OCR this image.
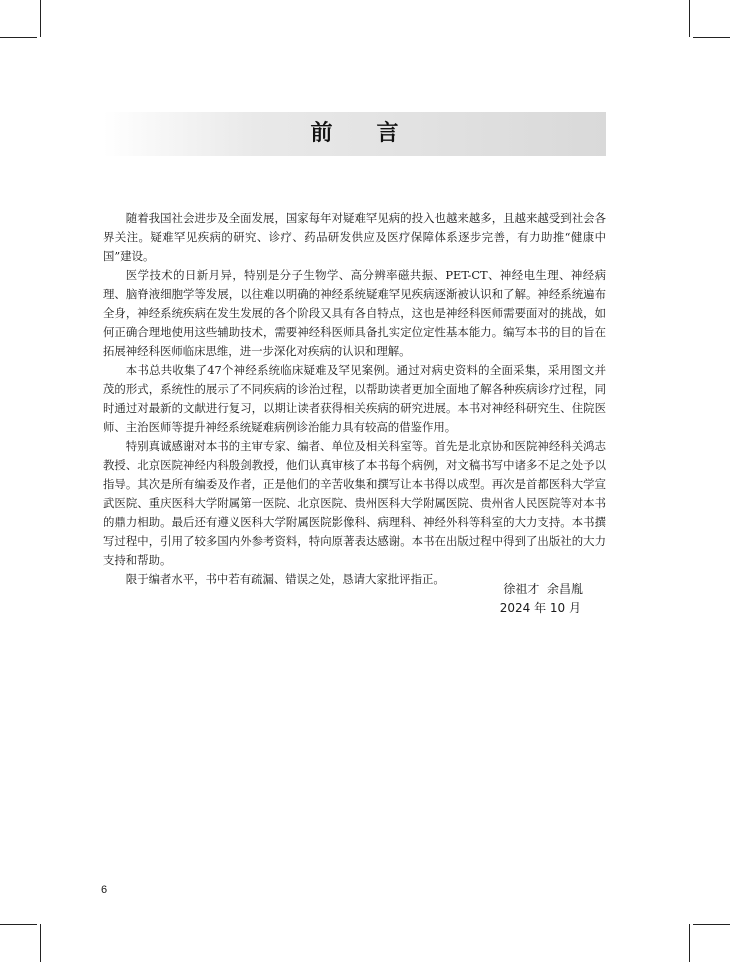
前言

随着我国社会进步及全面发展，国家每年对疑难罕见病的投入也越来越多，且越来越受到社会各界关注。疑难罕见疾病的研究、诊疗、药品研发供应及医疗保障体系逐步完善，有力助推“健康中国”建设。

医学技术的日新月异，特别是分子生物学、高分辨率磁共振、PET-CT、神经电生理、神经病理、脑脊液细胞学等发展，以往难以明确的神经系统疑难罕见疾病逐渐被认识和了解。神经系统遍布全身，神经系统疾病在发生发展的各个阶段又具有各自特点，这也是神经科医师需要面对的挑战，如何正确合理地使用这些辅助技术，需要神经科医师具备扎实定位定性基本能力。编写本书的目的旨在拓展神经科医师临床思维，进一步深化对疾病的认识和理解。

本书总共收集了47个神经系统临床疑难及罕见案例。通过对病史资料的全面采集，采用图文并茂的形式，系统性的展示了不同疾病的诊治过程，以帮助读者更加全面地了解各种疾病诊疗过程，同时通过对最新的文献进行复习，以期让读者获得相关疾病的研究进展。本书对神经科研究生、住院医师、主治医师等提升神经系统疑难病例诊治能力具有较高的借鉴作用。

特别真诚感谢对本书的主审专家、编者、单位及相关科室等。首先是北京协和医院神经科关鸿志教授、北京医院神经内科殷剑教授，他们认真审核了本书每个病例，对文稿书写中诸多不足之处予以指导。其次是所有编委及作者，正是他们的辛苦收集和撰写让本书得以成型。再次是首都医科大学宣武医院、重庆医科大学附属第一医院、北京医院、贵州医科大学附属医院、贵州省人民医院等对本书的鼎力相助。最后还有遵义医科大学附属医院影像科、病理科、神经外科等科室的大力支持。本书撰写过程中，引用了较多国内外参考资料，特向原著表达感谢。本书在出版过程中得到了出版社的大力支持和帮助。

限于编者水平，书中若有疏漏、错误之处，恳请大家批评指正。

徐祖才  余昌胤
2024 年 10 月
6
